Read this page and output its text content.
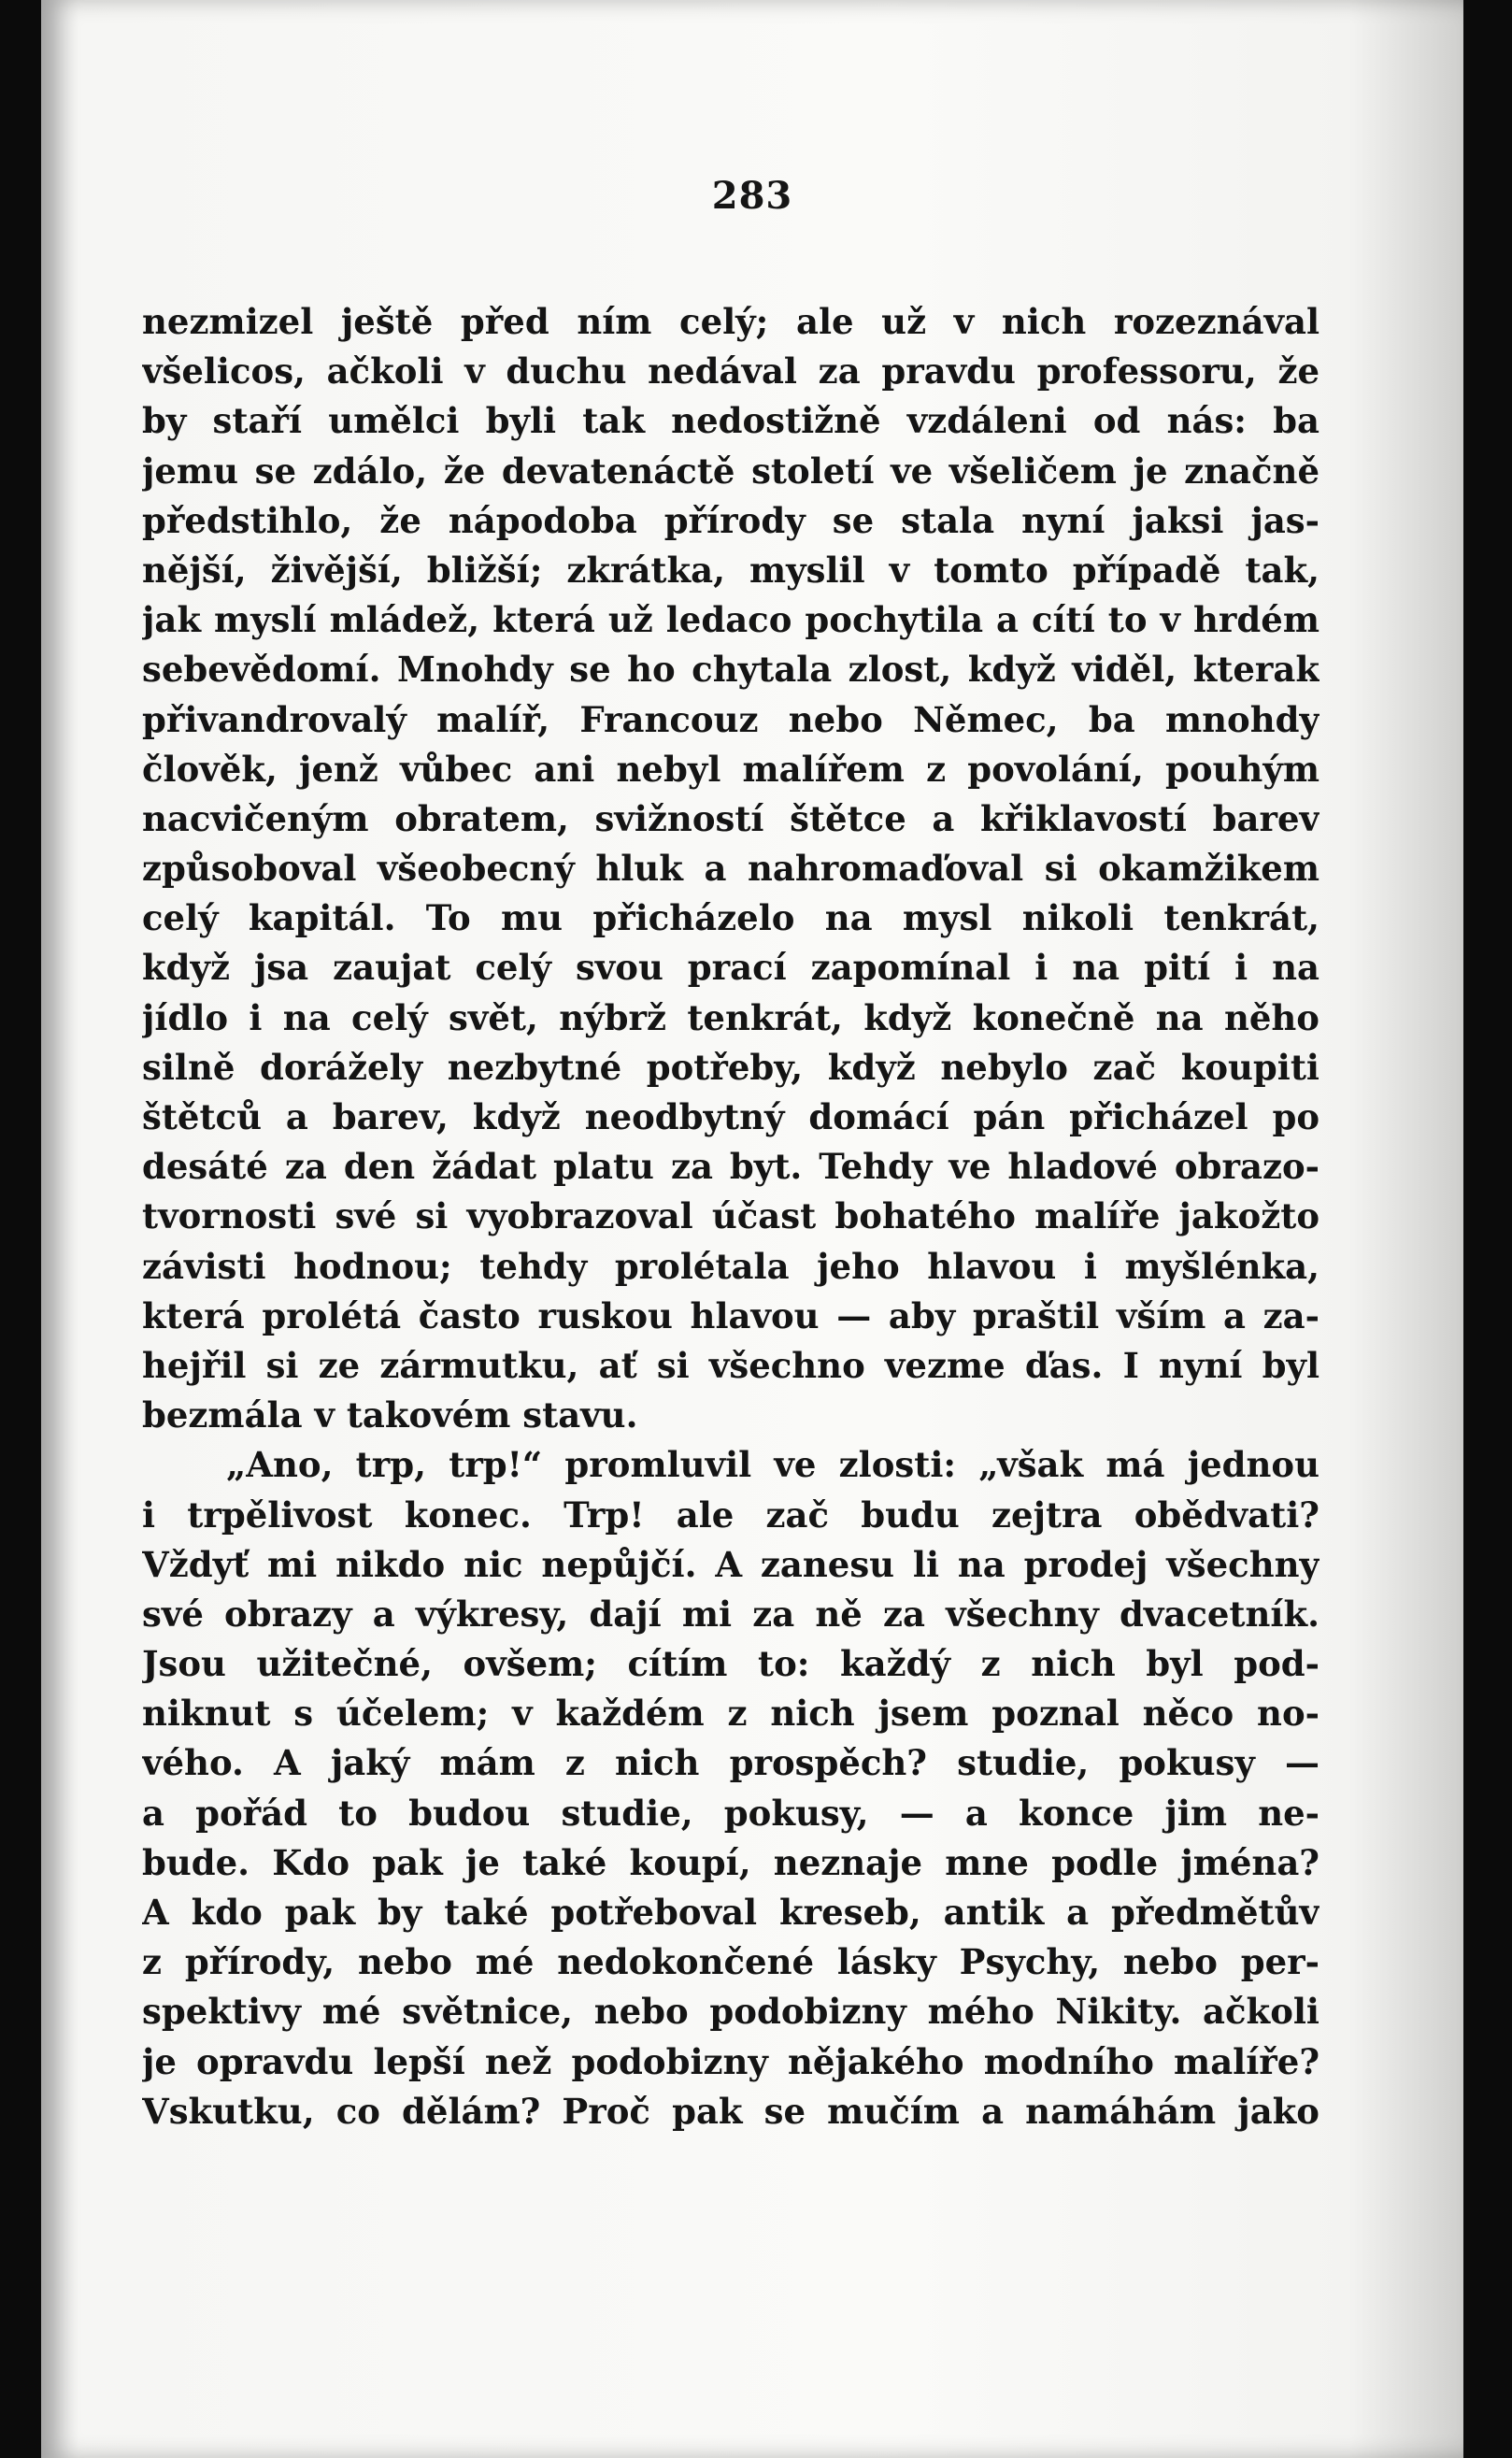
283
nezmizel ještě před ním celý; ale už v nich rozeznával
všelicos, ačkoli v duchu nedával za pravdu professoru, že
by staří umělci byli tak nedostižně vzdáleni od nás: ba
jemu se zdálo, že devatenáctě století ve všeličem je značně
předstihlo, že nápodoba přírody se stala nyní jaksi jas-
nější, živější, bližší; zkrátka, myslil v tomto případě tak,
jak myslí mládež, která už ledaco pochytila a cítí to v hrdém
sebevědomí. Mnohdy se ho chytala zlost, když viděl, kterak
přivandrovalý malíř, Francouz nebo Němec, ba mnohdy
člověk, jenž vůbec ani nebyl malířem z povolání, pouhým
nacvičeným obratem, svižností štětce a křiklavostí barev
způsoboval všeobecný hluk a nahromaďoval si okamžikem
celý kapitál. To mu přicházelo na mysl nikoli tenkrát,
když jsa zaujat celý svou prací zapomínal i na pití i na
jídlo i na celý svět, nýbrž tenkrát, když konečně na něho
silně dorážely nezbytné potřeby, když nebylo zač koupiti
štětců a barev, když neodbytný domácí pán přicházel po
desáté za den žádat platu za byt. Tehdy ve hladové obrazo-
tvornosti své si vyobrazoval účast bohatého malíře jakožto
závisti hodnou; tehdy prolétala jeho hlavou i myšlénka,
která prolétá často ruskou hlavou — aby praštil vším a za-
hejřil si ze zármutku, ať si všechno vezme ďas. I nyní byl
bezmála v takovém stavu.
„Ano, trp, trp!“ promluvil ve zlosti: „však má jednou
i trpělivost konec. Trp! ale zač budu zejtra obědvati?
Vždyť mi nikdo nic nepůjčí. A zanesu li na prodej všechny
své obrazy a výkresy, dají mi za ně za všechny dvacetník.
Jsou užitečné, ovšem; cítím to: každý z nich byl pod-
niknut s účelem; v každém z nich jsem poznal něco no-
vého. A jaký mám z nich prospěch? studie, pokusy —
a pořád to budou studie, pokusy, — a konce jim ne-
bude. Kdo pak je také koupí, neznaje mne podle jména?
A kdo pak by také potřeboval kreseb, antik a předmětův
z přírody, nebo mé nedokončené lásky Psychy, nebo per-
spektivy mé světnice, nebo podobizny mého Nikity. ačkoli
je opravdu lepší než podobizny nějakého modního malíře?
Vskutku, co dělám? Proč pak se mučím a namáhám jako
